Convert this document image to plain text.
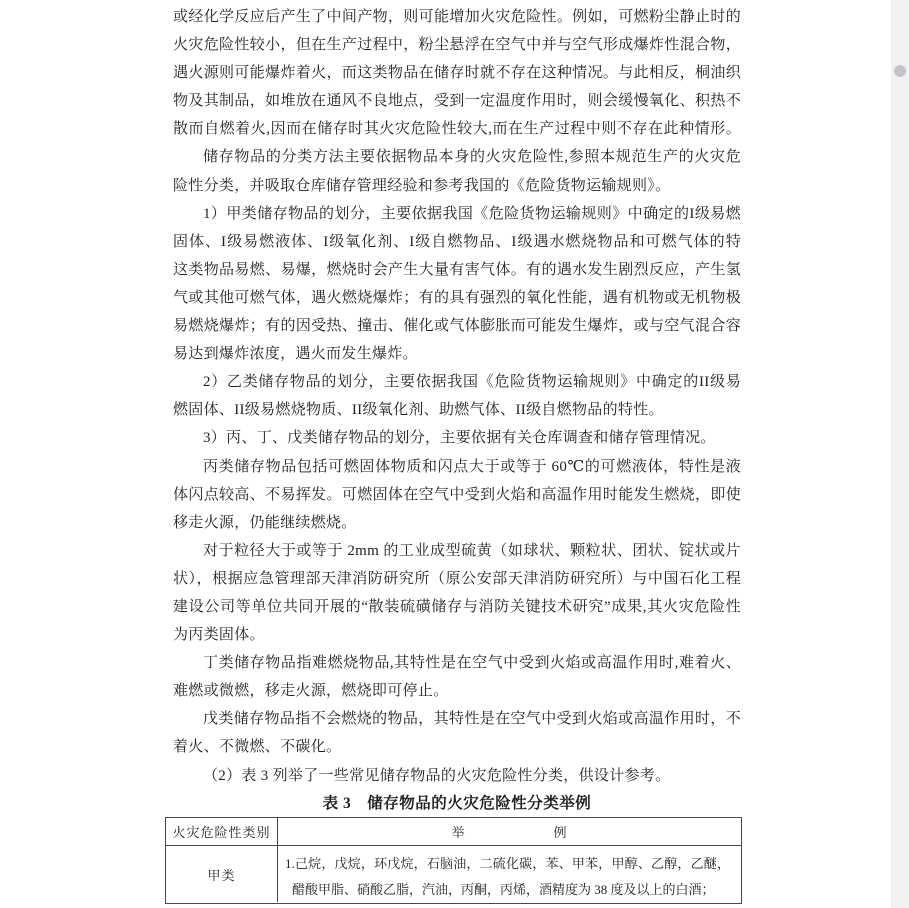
或经化学反应后产生了中间产物，则可能增加火灾危险性。例如，可燃粉尘静止时的
火灾危险性较小，但在生产过程中，粉尘悬浮在空气中并与空气形成爆炸性混合物，
遇火源则可能爆炸着火，而这类物品在储存时就不存在这种情况。与此相反，桐油织
物及其制品，如堆放在通风不良地点，受到一定温度作用时，则会缓慢氧化、积热不
散而自燃着火,因而在储存时其火灾危险性较大,而在生产过程中则不存在此种情形。
储存物品的分类方法主要依据物品本身的火灾危险性,参照本规范生产的火灾危
险性分类，并吸取仓库储存管理经验和参考我国的《危险货物运输规则》。
1）甲类储存物品的划分，主要依据我国《危险货物运输规则》中确定的I级易燃
固体、I级易燃液体、I级氧化剂、I级自燃物品、I级遇水燃烧物品和可燃气体的特
这类物品易燃、易爆，燃烧时会产生大量有害气体。有的遇水发生剧烈反应，产生氢
气或其他可燃气体，遇火燃烧爆炸；有的具有强烈的氧化性能，遇有机物或无机物极
易燃烧爆炸；有的因受热、撞击、催化或气体膨胀而可能发生爆炸，或与空气混合容
易达到爆炸浓度，遇火而发生爆炸。
2）乙类储存物品的划分，主要依据我国《危险货物运输规则》中确定的II级易
燃固体、II级易燃烧物质、II级氧化剂、助燃气体、II级自燃物品的特性。
3）丙、丁、戊类储存物品的划分，主要依据有关仓库调查和储存管理情况。
丙类储存物品包括可燃固体物质和闪点大于或等于 60℃的可燃液体，特性是液
体闪点较高、不易挥发。可燃固体在空气中受到火焰和高温作用时能发生燃烧，即使
移走火源，仍能继续燃烧。
对于粒径大于或等于 2mm 的工业成型硫黄（如球状、颗粒状、团状、锭状或片
状），根据应急管理部天津消防研究所（原公安部天津消防研究所）与中国石化工程
建设公司等单位共同开展的“散装硫磺储存与消防关键技术研究”成果,其火灾危险性
为丙类固体。
丁类储存物品指难燃烧物品,其特性是在空气中受到火焰或高温作用时,难着火、
难燃或微燃，移走火源，燃烧即可停止。
戊类储存物品指不会燃烧的物品，其特性是在空气中受到火焰或高温作用时，不
着火、不微燃、不碳化。
（2）表 3 列举了一些常见储存物品的火灾危险性分类，供设计参考。
表 3　储存物品的火灾危险性分类举例
火灾危险性类别	举	例
甲类
1.己烷，戊烷，环戊烷，石脑油，二硫化碳，苯、甲苯，甲醇、乙醇，乙醚，
醋酸甲脂、硝酸乙脂，汽油，丙酮，丙烯，酒精度为 38 度及以上的白酒；
